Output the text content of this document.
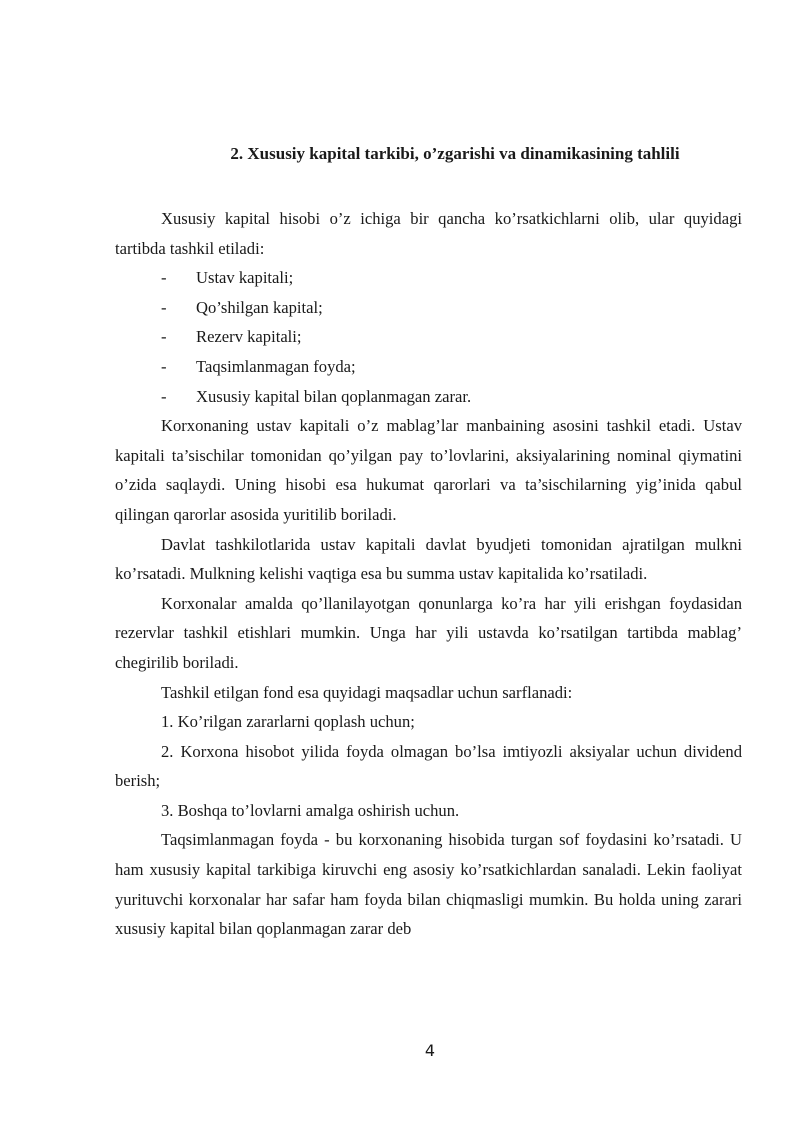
2. Xususiy kapital tarkibi, o’zgarishi va dinamikasining tahlili

Xususiy kapital hisobi o’z ichiga bir qancha ko’rsatkichlarni olib, ular quyidagi tartibda tashkil etiladi:

-	Ustav kapitali;
-	Qo’shilgan kapital;
-	Rezerv kapitali;
-	Taqsimlanmagan foyda;
-	Xususiy kapital bilan qoplanmagan zarar.

Korxonaning ustav kapitali o’z mablag’lar manbaining asosini tashkil etadi. Ustav kapitali ta’sischilar tomonidan qo’yilgan pay to’lovlarini, aksiyalarining nominal qiymatini o’zida saqlaydi. Uning hisobi esa hukumat qarorlari va ta’sischilarning yig’inida qabul qilingan qarorlar asosida yuritilib boriladi.

Davlat tashkilotlarida ustav kapitali davlat byudjeti tomonidan ajratilgan mulkni ko’rsatadi. Mulkning kelishi vaqtiga esa bu summa ustav kapitalida ko’rsatiladi.

Korxonalar amalda qo’llanilayotgan qonunlarga ko’ra har yili erishgan foydasidan rezervlar tashkil etishlari mumkin. Unga har yili ustavda ko’rsatilgan tartibda mablag’ chegirilib boriladi.

Tashkil etilgan fond esa quyidagi maqsadlar uchun sarflanadi:

1. Ko’rilgan zararlarni qoplash uchun;

2. Korxona hisobot yilida foyda olmagan bo’lsa imtiyozli aksiyalar uchun dividend berish;

3. Boshqa to’lovlarni amalga oshirish uchun.

Taqsimlanmagan foyda - bu korxonaning hisobida turgan sof foydasini ko’rsatadi. U ham xususiy kapital tarkibiga kiruvchi eng asosiy ko’rsatkichlardan sanaladi. Lekin faoliyat yurituvchi korxonalar har safar ham foyda bilan chiqmasligi mumkin. Bu holda uning zarari xususiy kapital bilan qoplanmagan zarar deb

4
